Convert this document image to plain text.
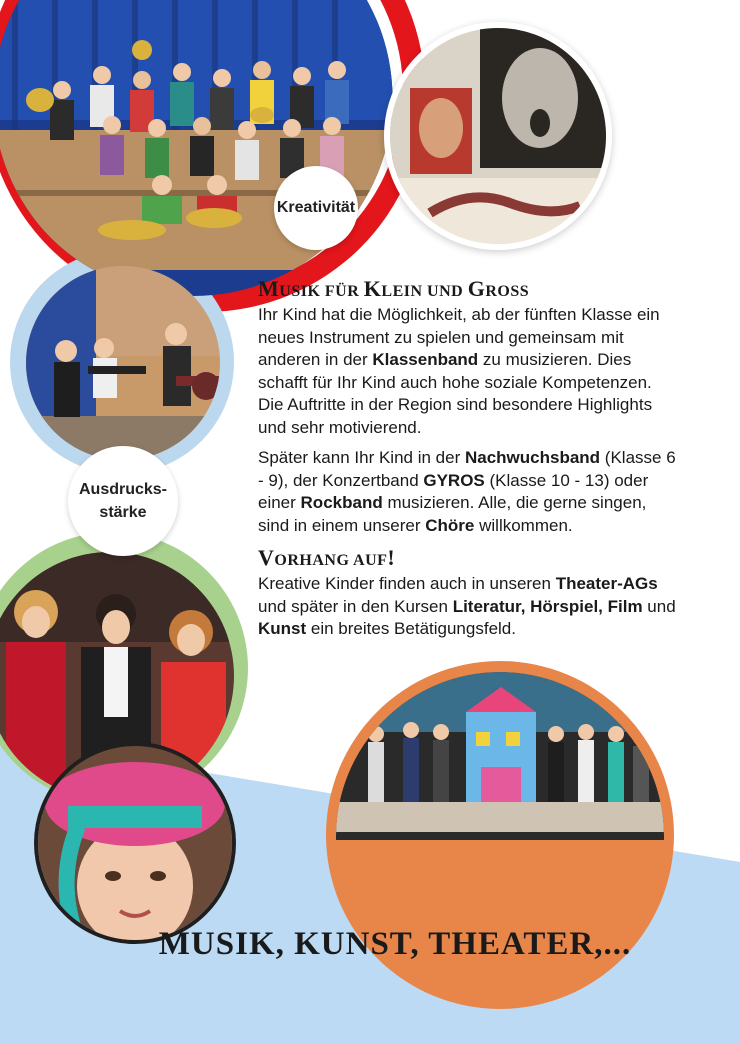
Kreativität
Ausdrucks-
stärke
MUSIK FÜR KLEIN UND GROSS

Ihr Kind hat die Möglichkeit, ab der fünften Klasse ein neues Instrument zu spielen und gemeinsam mit anderen in der Klassenband zu musizieren. Dies schafft für Ihr Kind auch hohe soziale Kompetenzen. Die Auftritte in der Region sind besondere Highlights und sehr motivierend.

Später kann Ihr Kind in der Nachwuchsband (Klasse 6 - 9), der Konzertband GYROS (Klasse 10 - 13) oder einer Rockband musizieren. Alle, die gerne singen, sind in einem unserer Chöre willkommen.

VORHANG AUF!

Kreative Kinder finden auch in unseren Theater-AGs und später in den Kursen Literatur, Hörspiel, Film und Kunst ein breites Betätigungsfeld.

MUSIK, KUNST, THEATER,...
